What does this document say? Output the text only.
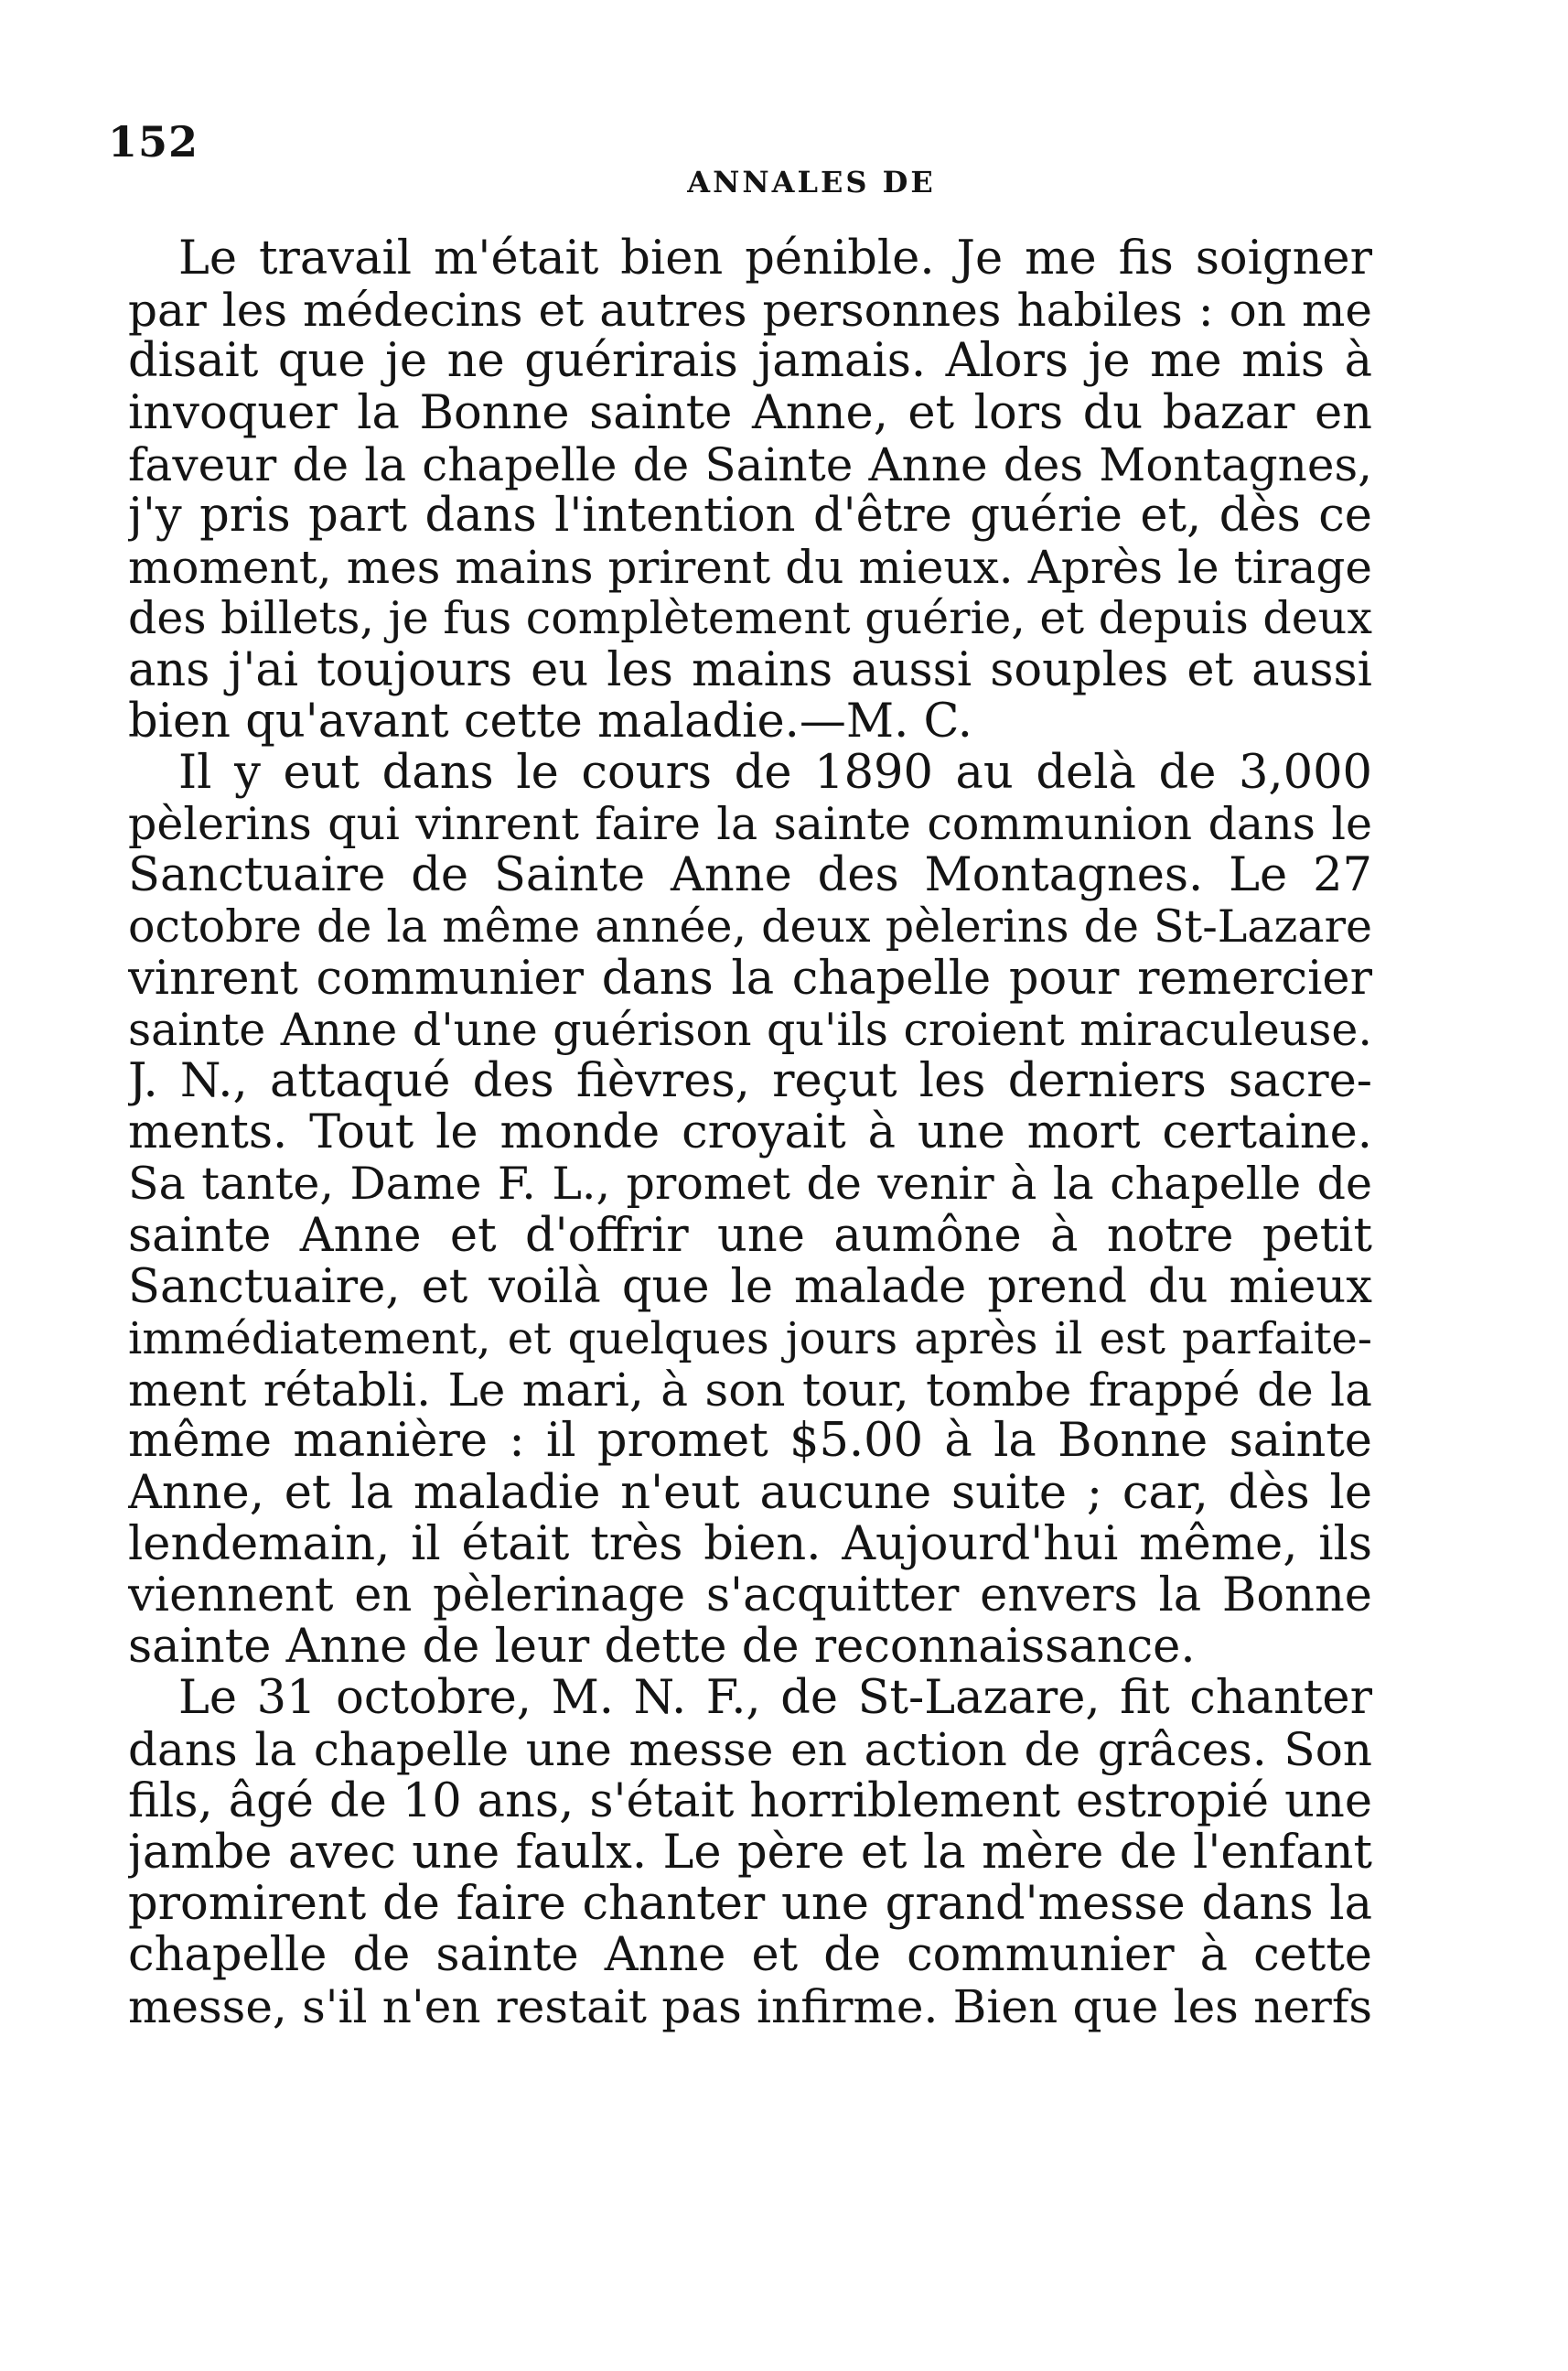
152
ANNALES DE
Le travail m'était bien pénible. Je me fis soigner
par les médecins et autres personnes habiles : on me
disait que je ne guérirais jamais. Alors je me mis à
invoquer la Bonne sainte Anne, et lors du bazar en
faveur de la chapelle de Sainte Anne des Montagnes,
j'y pris part dans l'intention d'être guérie et, dès ce
moment, mes mains prirent du mieux. Après le tirage
des billets, je fus complètement guérie, et depuis deux
ans j'ai toujours eu les mains aussi souples et aussi
bien qu'avant cette maladie.—M. C.
Il y eut dans le cours de 1890 au delà de 3,000
pèlerins qui vinrent faire la sainte communion dans le
Sanctuaire de Sainte Anne des Montagnes. Le 27
octobre de la même année, deux pèlerins de St-Lazare
vinrent communier dans la chapelle pour remercier
sainte Anne d'une guérison qu'ils croient miraculeuse.
J. N., attaqué des fièvres, reçut les derniers sacre-
ments. Tout le monde croyait à une mort certaine.
Sa tante, Dame F. L., promet de venir à la chapelle de
sainte Anne et d'offrir une aumône à notre petit
Sanctuaire, et voilà que le malade prend du mieux
immédiatement, et quelques jours après il est parfaite-
ment rétabli. Le mari, à son tour, tombe frappé de la
même manière : il promet $5.00 à la Bonne sainte
Anne, et la maladie n'eut aucune suite ; car, dès le
lendemain, il était très bien. Aujourd'hui même, ils
viennent en pèlerinage s'acquitter envers la Bonne
sainte Anne de leur dette de reconnaissance.
Le 31 octobre, M. N. F., de St-Lazare, fit chanter
dans la chapelle une messe en action de grâces. Son
fils, âgé de 10 ans, s'était horriblement estropié une
jambe avec une faulx. Le père et la mère de l'enfant
promirent de faire chanter une grand'messe dans la
chapelle de sainte Anne et de communier à cette
messe, s'il n'en restait pas infirme. Bien que les nerfs
